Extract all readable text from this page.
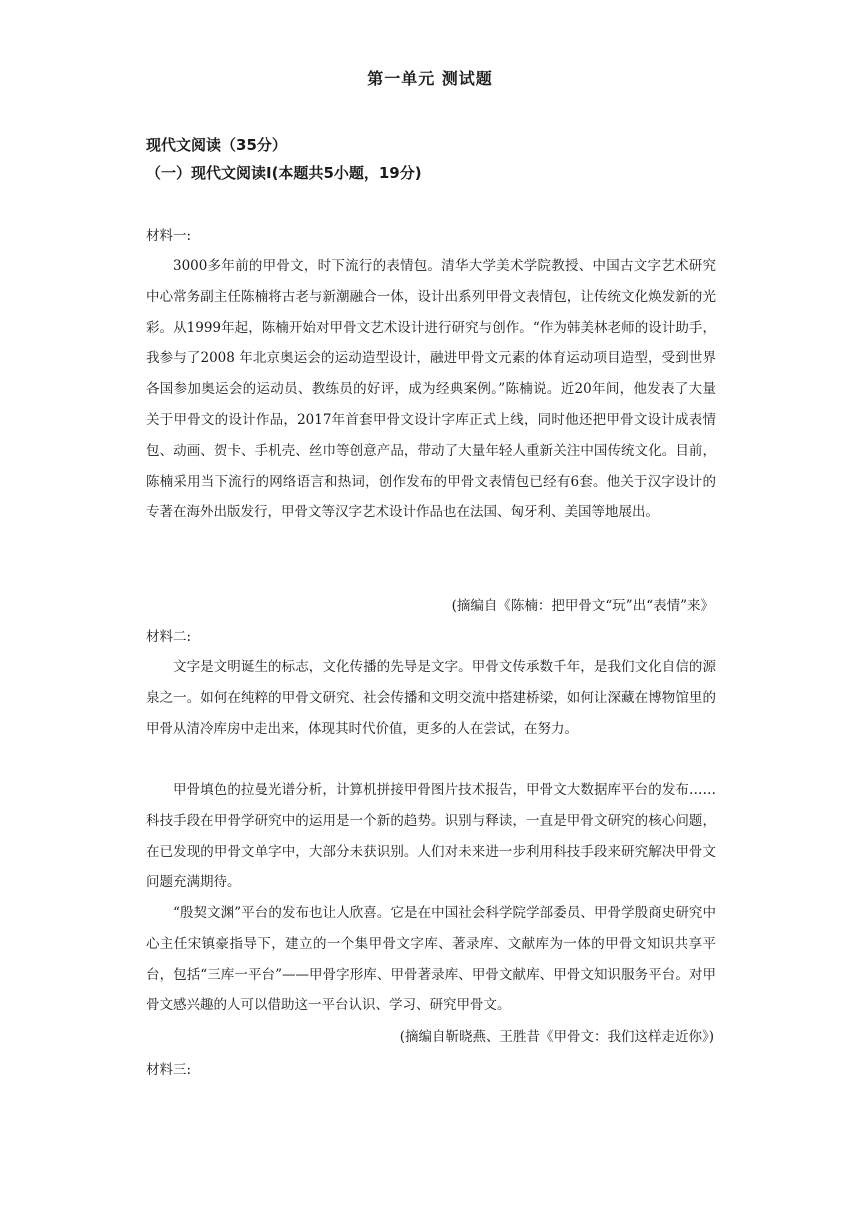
第一单元 测试题
现代文阅读（35分）
（一）现代文阅读Ⅰ(本题共5小题，19分)
材料一:

3000多年前的甲骨文，时下流行的表情包。清华大学美术学院教授、中国古文字艺术研究中心常务副主任陈楠将古老与新潮融合一体，设计出系列甲骨文表情包，让传统文化焕发新的光彩。从1999年起，陈楠开始对甲骨文艺术设计进行研究与创作。“作为韩美林老师的设计助手，我参与了2008 年北京奥运会的运动造型设计，融进甲骨文元素的体育运动项目造型，受到世界各国参加奥运会的运动员、教练员的好评，成为经典案例。”陈楠说。近20年间，他发表了大量关于甲骨文的设计作品，2017年首套甲骨文设计字库正式上线，同时他还把甲骨文设计成表情包、动画、贺卡、手机壳、丝巾等创意产品，带动了大量年轻人重新关注中国传统文化。目前，陈楠采用当下流行的网络语言和热词，创作发布的甲骨文表情包已经有6套。他关于汉字设计的专著在海外出版发行，甲骨文等汉字艺术设计作品也在法国、匈牙利、美国等地展出。

(摘编自《陈楠：把甲骨文“玩”出“表情”来》
材料二:

文字是文明诞生的标志，文化传播的先导是文字。甲骨文传承数千年，是我们文化自信的源泉之一。如何在纯粹的甲骨文研究、社会传播和文明交流中搭建桥梁，如何让深藏在博物馆里的甲骨从清冷库房中走出来，体现其时代价值，更多的人在尝试，在努力。

甲骨填色的拉曼光谱分析，计算机拼接甲骨图片技术报告，甲骨文大数据库平台的发布……科技手段在甲骨学研究中的运用是一个新的趋势。识别与释读，一直是甲骨文研究的核心问题，在已发现的甲骨文单字中，大部分未获识别。人们对未来进一步利用科技手段来研究解决甲骨文问题充满期待。

“殷契文渊”平台的发布也让人欣喜。它是在中国社会科学院学部委员、甲骨学殷商史研究中心主任宋镇豪指导下，建立的一个集甲骨文字库、著录库、文献库为一体的甲骨文知识共享平台，包括“三库一平台”——甲骨字形库、甲骨著录库、甲骨文献库、甲骨文知识服务平台。对甲骨文感兴趣的人可以借助这一平台认识、学习、研究甲骨文。

(摘编自靳晓燕、王胜昔《甲骨文：我们这样走近你》)
材料三:
